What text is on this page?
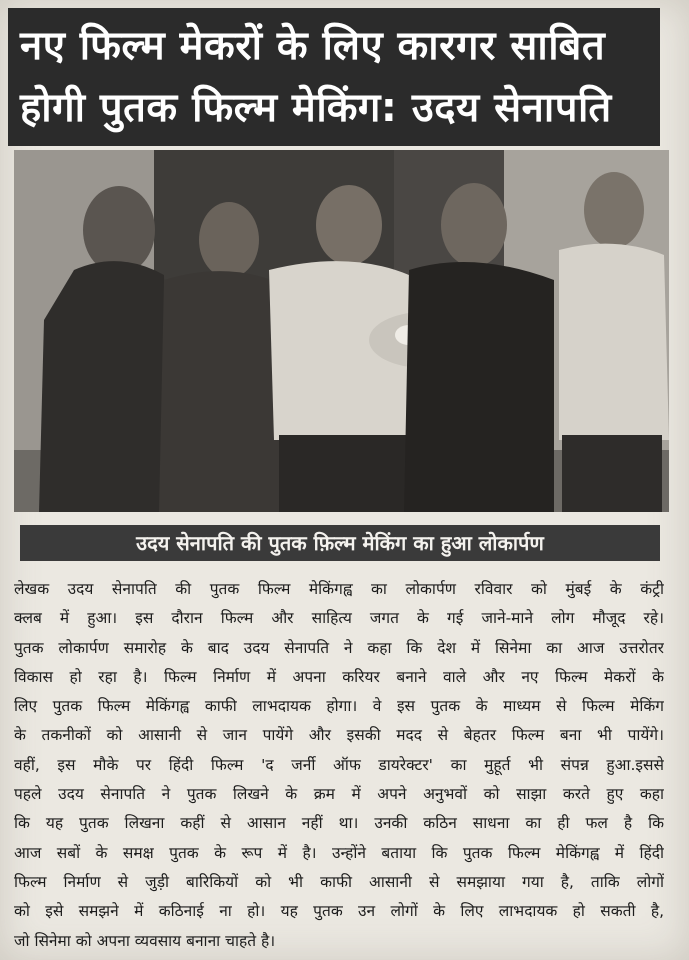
नए फिल्म मेकरों के लिए कारगर साबित
होगी पुतक फिल्म मेकिंग: उदय सेनापति
उदय सेनापति की पुतक फ़िल्म मेकिंग का हुआ लोकार्पण
लेखक उदय सेनापति की पुतक फिल्म मेकिंगह्व का लोकार्पण रविवार को मुंबई के कंट्री
क्लब में हुआ। इस दौरान फिल्म और साहित्य जगत के गई जाने-माने लोग मौजूद रहे।
पुतक लोकार्पण समारोह के बाद उदय सेनापति ने कहा कि देश में सिनेमा का आज उत्तरोतर
विकास हो रहा है। फिल्म निर्माण में अपना करियर बनाने वाले और नए फिल्म मेकरों के
लिए पुतक फिल्म मेकिंगह्व काफी लाभदायक होगा। वे इस पुतक के माध्यम से फिल्म मेकिंग
के तकनीकों को आसानी से जान पायेंगे और इसकी मदद से बेहतर फिल्म बना भी पायेंगे।
वहीं, इस मौके पर हिंदी फिल्म 'द जर्नी ऑफ डायरेक्टर' का मुहूर्त भी संपन्न हुआ.इससे
पहले उदय सेनापति ने पुतक लिखने के क्रम में अपने अनुभवों को साझा करते हुए कहा
कि यह पुतक लिखना कहीं से आसान नहीं था। उनकी कठिन साधना का ही फल है कि
आज सबों के समक्ष पुतक के रूप में है। उन्होंने बताया कि पुतक फिल्म मेकिंगह्व में हिंदी
फिल्म निर्माण से जुड़ी बारिकियों को भी काफी आसानी से समझाया गया है, ताकि लोगों
को इसे समझने में कठिनाई ना हो। यह पुतक उन लोगों के लिए लाभदायक हो सकती है,
जो सिनेमा को अपना व्यवसाय बनाना चाहते है।
